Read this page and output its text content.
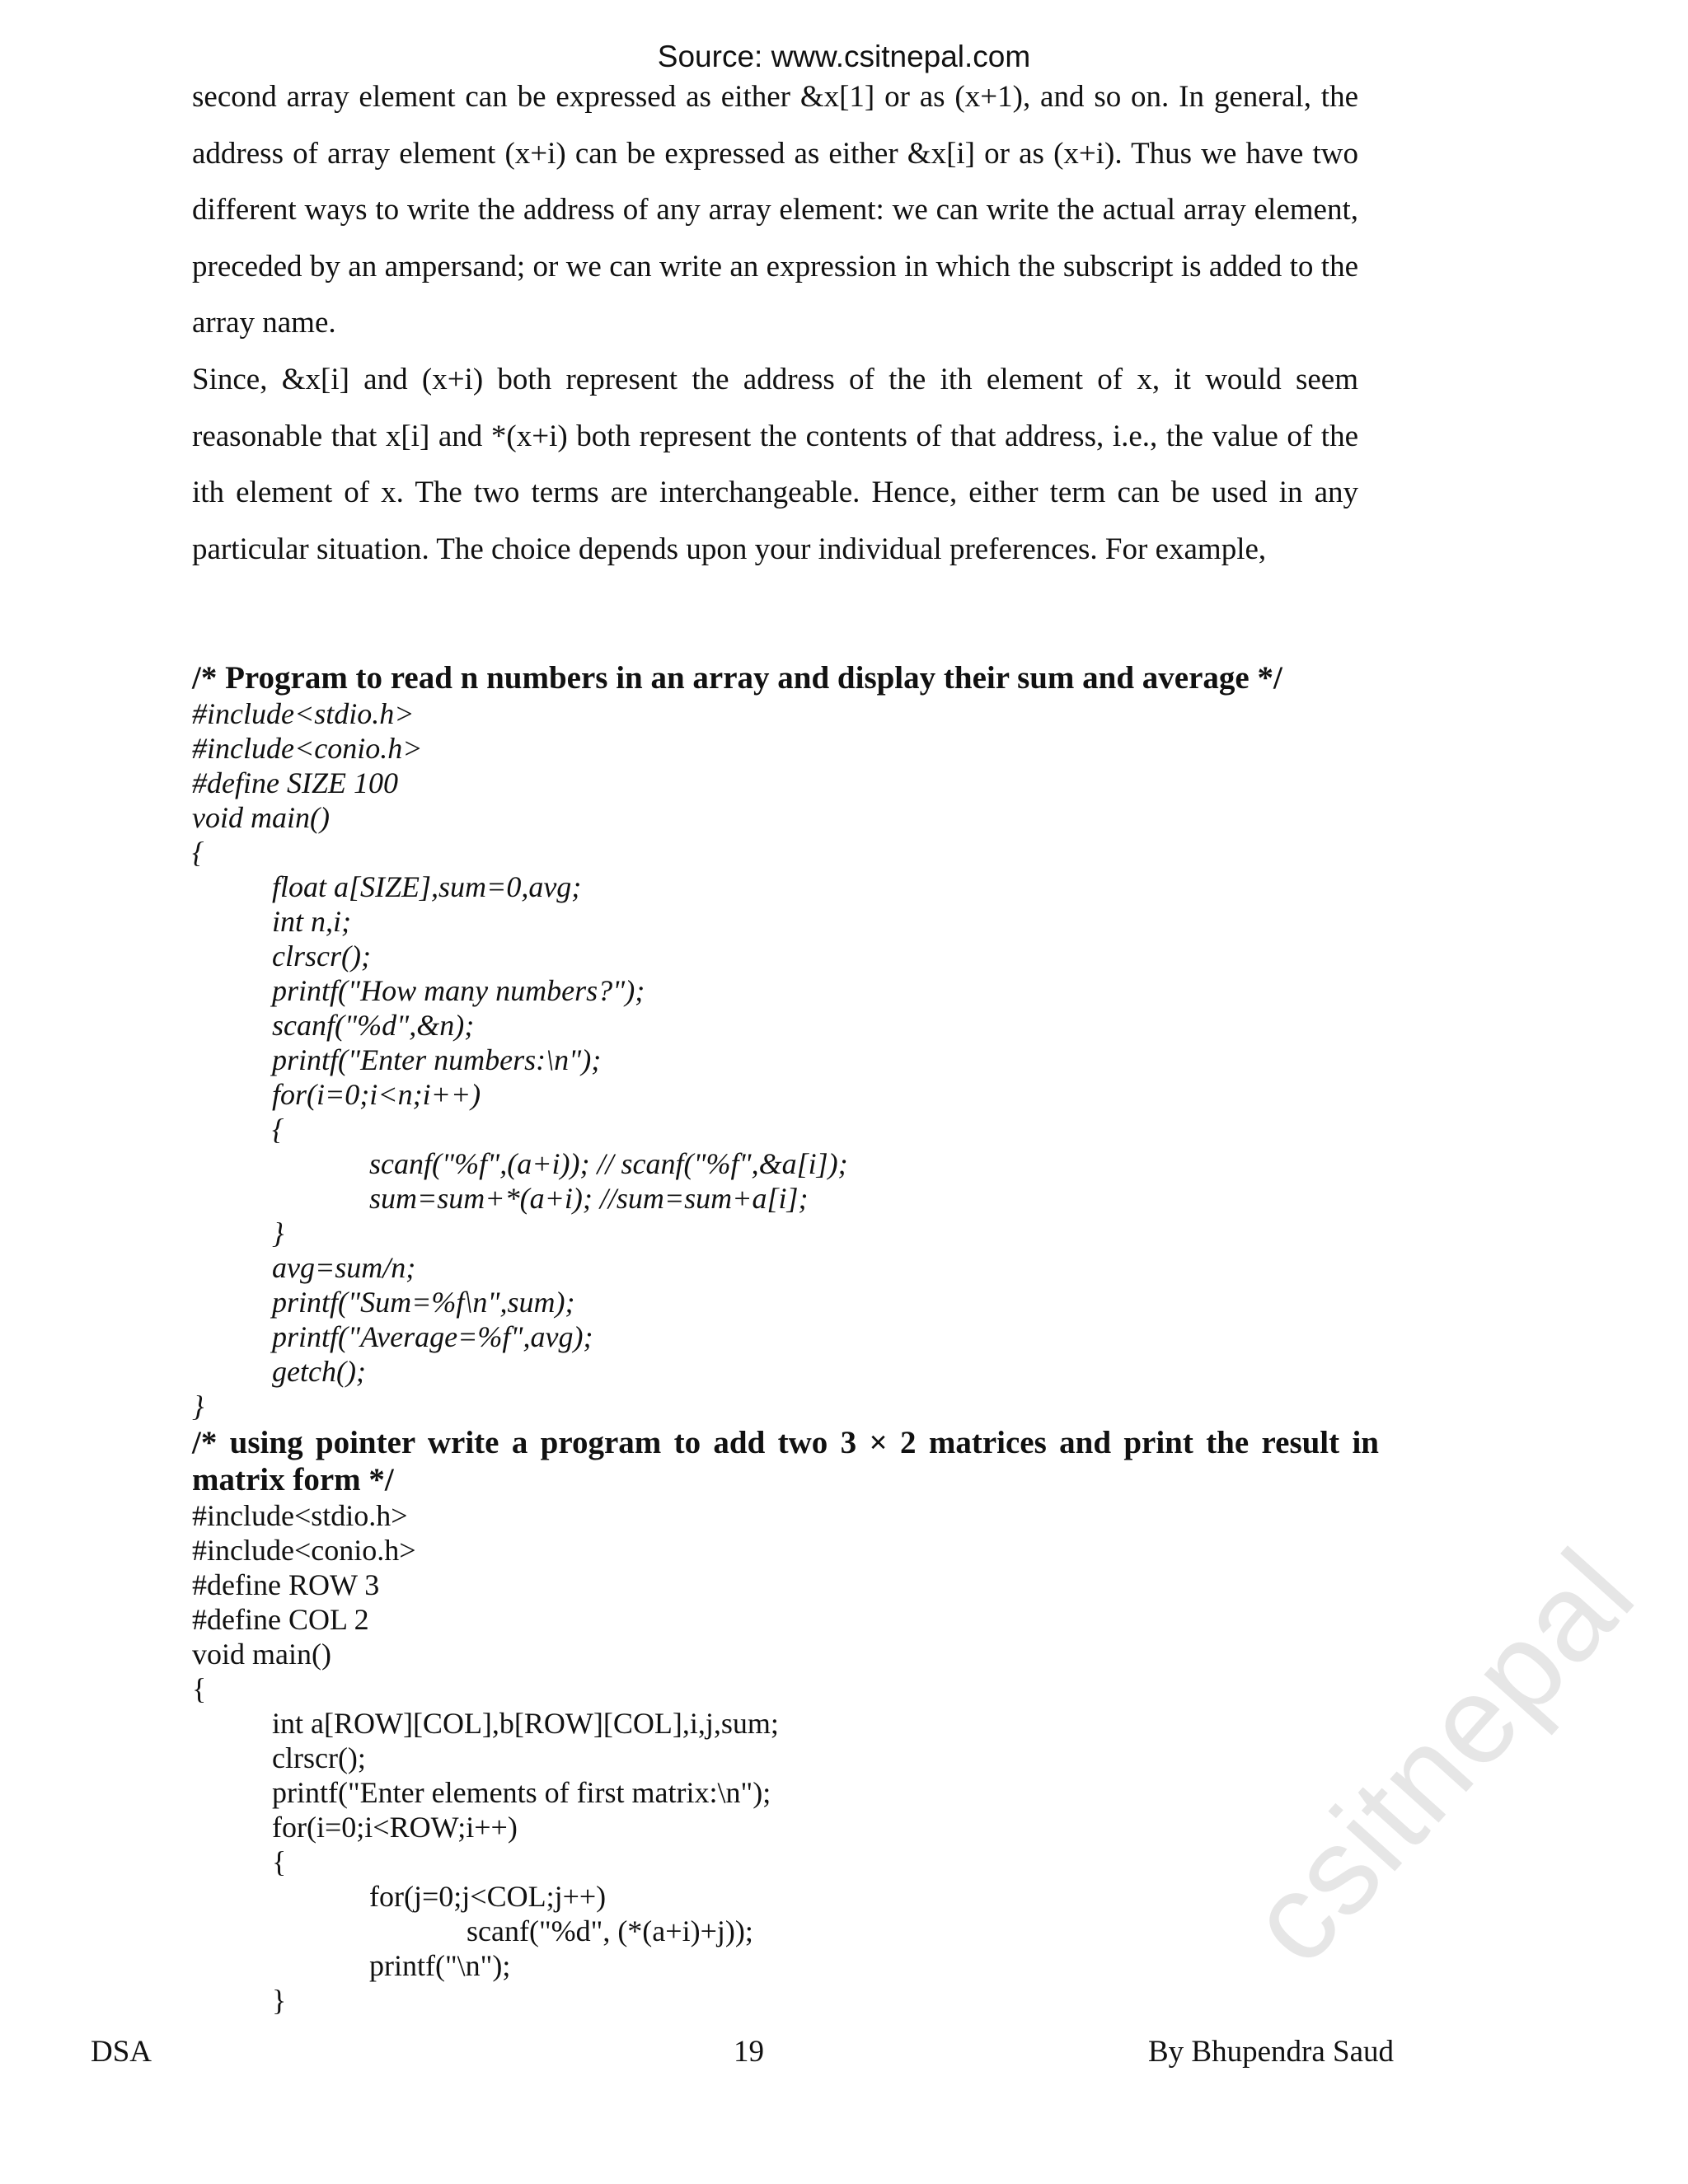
csitnepal
Source: www.csitnepal.com

second array element can be expressed as either &x[1] or as (x+1), and so on. In general, the address of array element (x+i) can be expressed as either &x[i] or as (x+i). Thus we have two different ways to write the address of any array element: we can write the actual array element, preceded by an ampersand; or we can write an expression in which the subscript is added to the array name.

Since, &x[i] and (x+i) both represent the address of the ith element of x, it would seem reasonable that x[i] and *(x+i) both represent the contents of that address, i.e., the value of the ith element of x. The two terms are interchangeable. Hence, either term can be used in any particular situation. The choice depends upon your individual preferences. For example,

/* Program to read n numbers in an array and display their sum and average */

#include<stdio.h>

#include<conio.h>

#define SIZE 100

void main()

{

float a[SIZE],sum=0,avg;

int n,i;

clrscr();

printf("How many numbers?");

scanf("%d",&n);

printf("Enter numbers:\n");

for(i=0;i<n;i++)

{

scanf("%f",(a+i)); // scanf("%f",&a[i]);

sum=sum+*(a+i); //sum=sum+a[i];

}

avg=sum/n;

printf("Sum=%f\n",sum);

printf("Average=%f",avg);

getch();

}

/* using pointer write a program to add two 3 × 2 matrices and print the result in matrix form */

#include<stdio.h>

#include<conio.h>

#define ROW 3

#define COL 2

void main()

{

int a[ROW][COL],b[ROW][COL],i,j,sum;

clrscr();

printf("Enter elements of first matrix:\n");

for(i=0;i<ROW;i++)

{

for(j=0;j<COL;j++)

scanf("%d", (*(a+i)+j));

printf("\n");

}

DSA	19	By Bhupendra Saud
